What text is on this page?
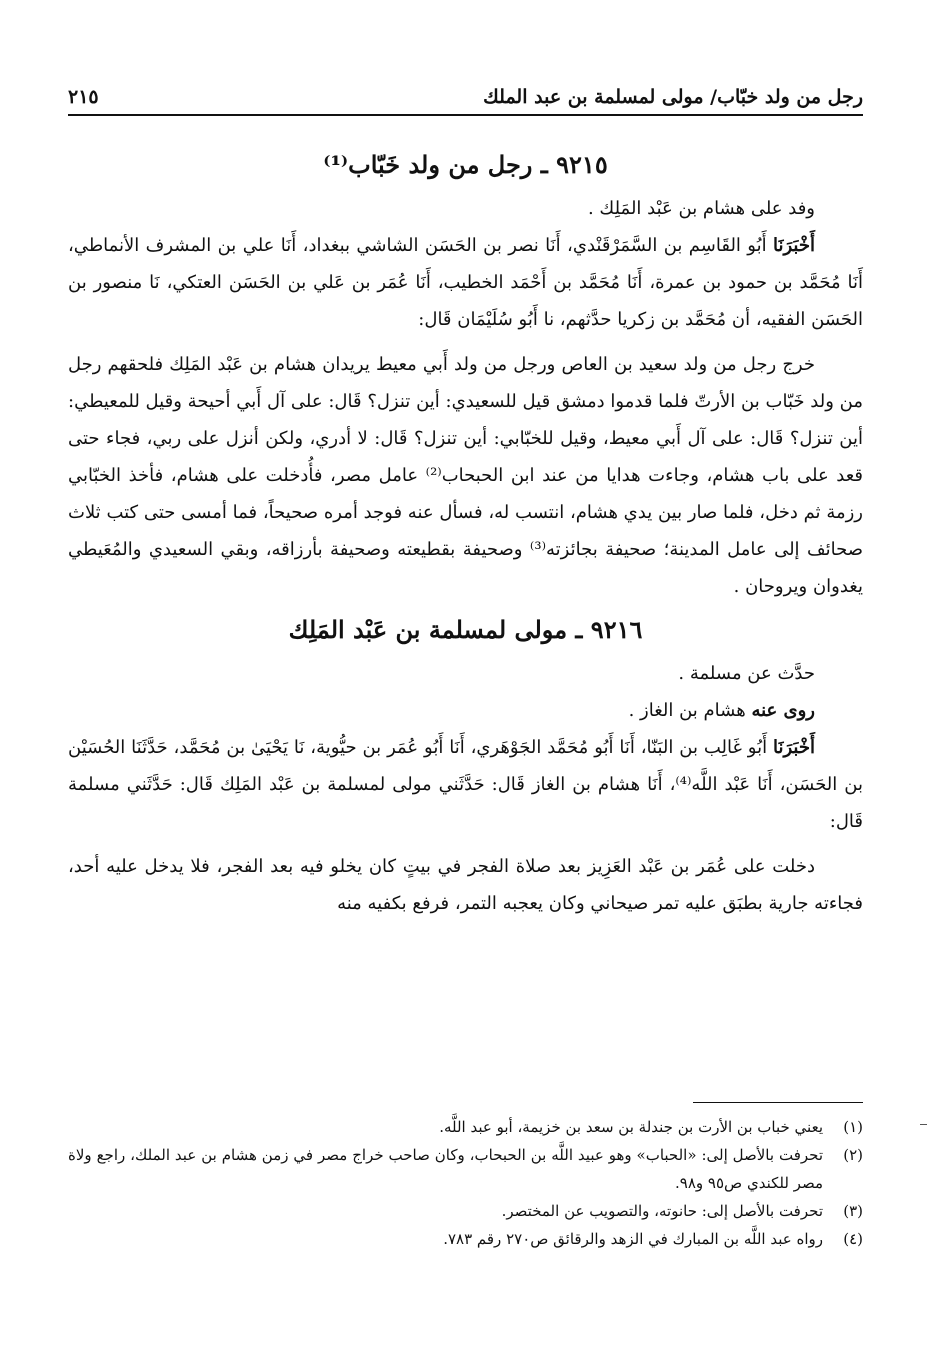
رجل من ولد خبّاب/ مولى لمسلمة بن عبد الملك
٢١٥
٩٢١٥ ـ رجل من ولد خَبّاب⁽¹⁾

وفد على هشام بن عَبْد المَلِك .

أَخْبَرَنَا أَبُو القَاسِم بن السَّمَرْقَنْدي، أَنَا نصر بن الحَسَن الشاشي ببغداد، أَنَا علي بن المشرف الأنماطي، أَنَا مُحَمَّد بن حمود بن عمرة، أَنَا مُحَمَّد بن أَحْمَد الخطيب، أَنَا عُمَر بن عَلي بن الحَسَن العتكي، نَا منصور بن الحَسَن الفقيه، أن مُحَمَّد بن زكريا حدَّثهم، نا أَبُو سُلَيْمَان قَال:

خرج رجل من ولد سعيد بن العاص ورجل من ولد أَبي معيط يريدان هشام بن عَبْد المَلِك فلحقهم رجل من ولد خَبّاب بن الأرتّ فلما قدموا دمشق قيل للسعيدي: أين تنزل؟ قَال: على آل أَبي أحيحة وقيل للمعيطي: أين تنزل؟ قَال: على آل أَبي معيط، وقيل للخبّابي: أين تنزل؟ قَال: لا أدري، ولكن أنزل على ربي، فجاء حتى قعد على باب هشام، وجاءت هدايا من عند ابن الحبحاب⁽²⁾ عامل مصر، فأُدخلت على هشام، فأخذ الخبّابي رزمة ثم دخل، فلما صار بين يدي هشام، انتسب له، فسأل عنه فوجد أمره صحيحاً، فما أمسى حتى كتب ثلاث صحائف إلى عامل المدينة؛ صحيفة بجائزته⁽³⁾ وصحيفة بقطيعته وصحيفة بأرزاقه، وبقي السعيدي والمُعَيطي يغدوان ويروحان .

٩٢١٦ ـ مولى لمسلمة بن عَبْد المَلِك

حدَّث عن مسلمة .

روى عنه هشام بن الغاز .

أَخْبَرَنَا أَبُو غَالِب بن البَنّا، أَنَا أَبُو مُحَمَّد الجَوْهَري، أَنَا أَبُو عُمَر بن حيُّوية، نَا يَحْيَىٰ بن مُحَمَّد، حَدَّثَنَا الحُسَيْن بن الحَسَن، أَنَا عَبْد اللَّه⁽⁴⁾، أَنَا هشام بن الغاز قَال: حَدَّثَني مولى لمسلمة بن عَبْد المَلِك قَال: حَدَّثَني مسلمة قَال:

دخلت على عُمَر بن عَبْد العَزِيز بعد صلاة الفجر في بيتٍ كان يخلو فيه بعد الفجر، فلا يدخل عليه أحد، فجاءته جارية بطبَق عليه تمر صيحاني وكان يعجبه التمر، فرفع بكفيه منه

(١)
يعني خباب بن الأرت بن جندلة بن سعد بن خزيمة، أبو عبد اللَّه.

(٢)
تحرفت بالأصل إلى: «الحباب» وهو عبيد اللَّه بن الحبحاب، وكان صاحب خراج مصر في زمن هشام بن عبد الملك، راجع ولاة مصر للكندي ص٩٥ و٩٨.

(٣)
تحرفت بالأصل إلى: حانوته، والتصويب عن المختصر.

(٤)
رواه عبد اللَّه بن المبارك في الزهد والرقائق ص٢٧٠ رقم ٧٨٣.
